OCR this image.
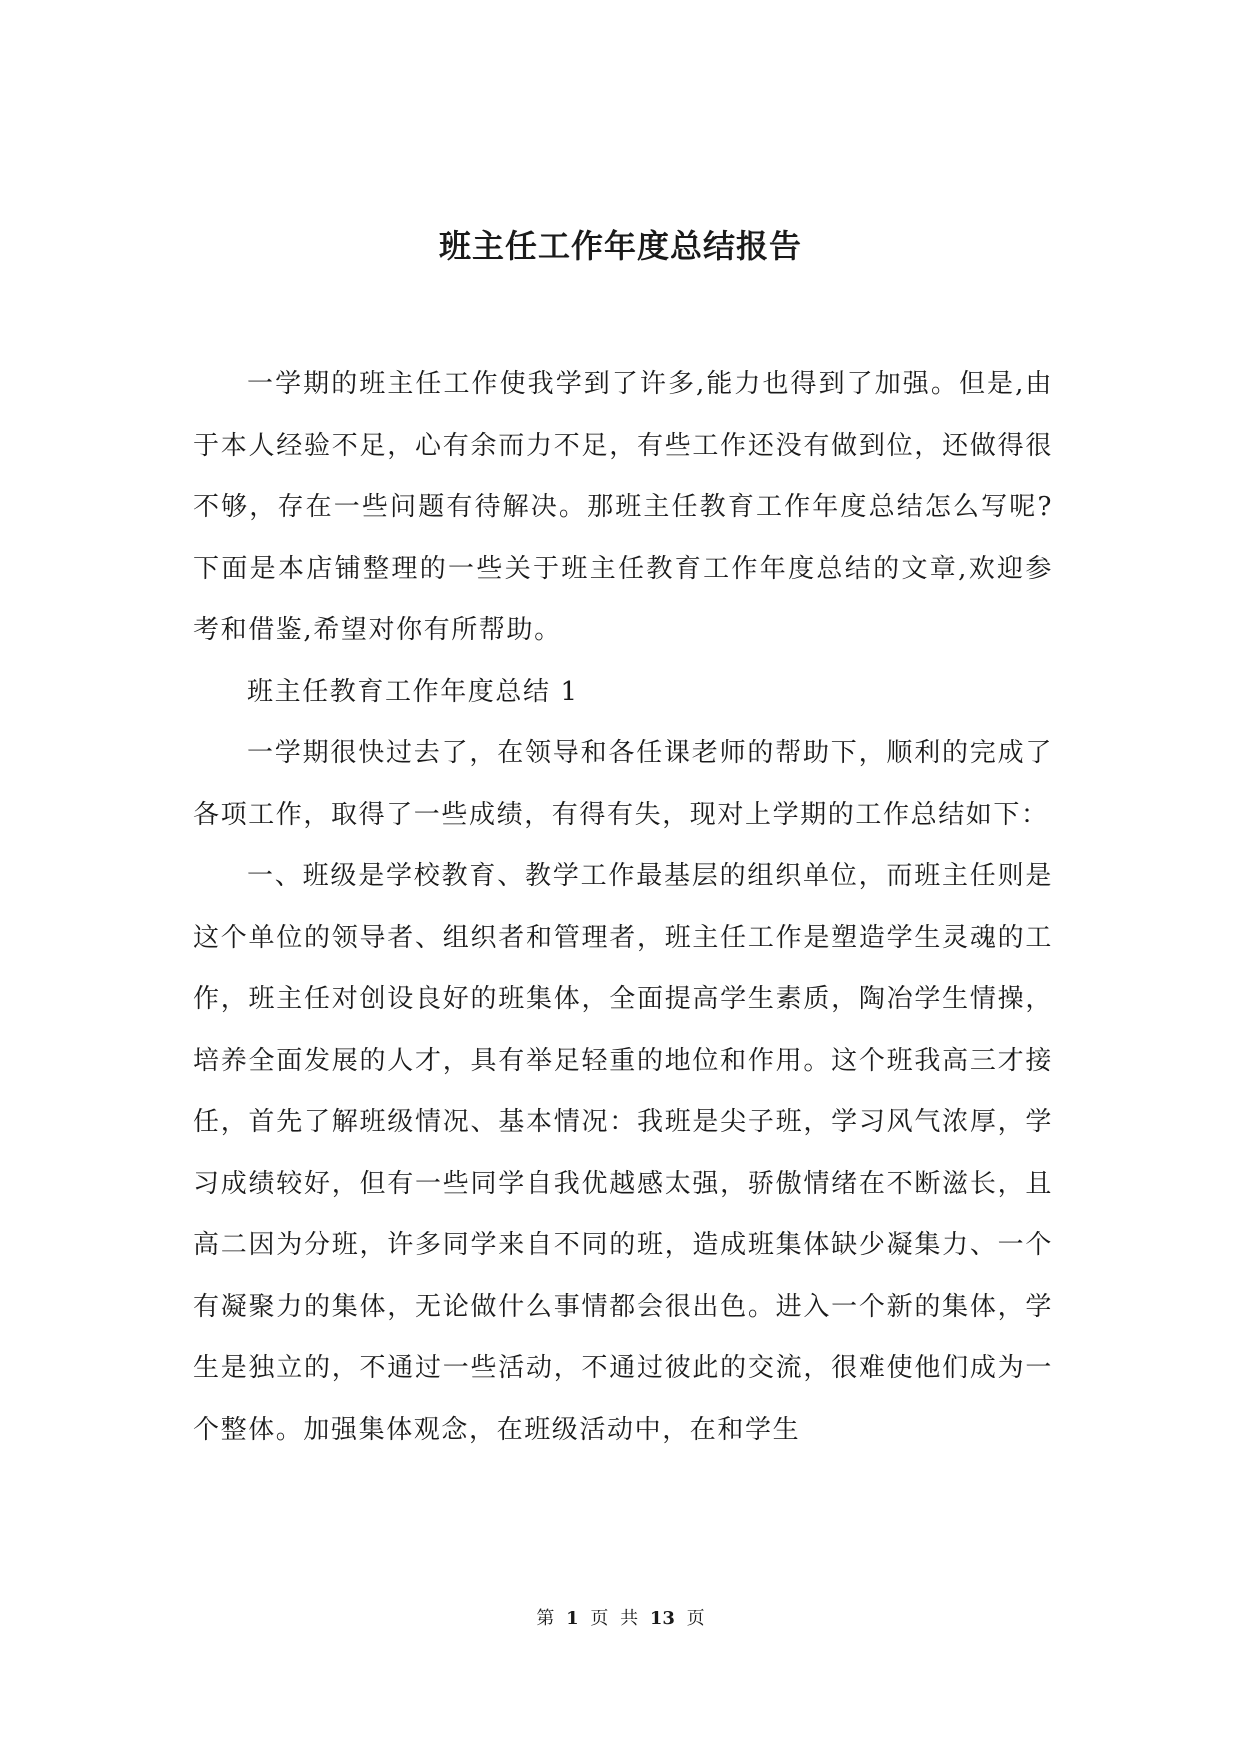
班主任工作年度总结报告

一学期的班主任工作使我学到了许多,能力也得到了加强。但是,由于本人经验不足，心有余而力不足，有些工作还没有做到位，还做得很不够，存在一些问题有待解决。那班主任教育工作年度总结怎么写呢?下面是本店铺整理的一些关于班主任教育工作年度总结的文章,欢迎参考和借鉴,希望对你有所帮助。

班主任教育工作年度总结 1

一学期很快过去了，在领导和各任课老师的帮助下，顺利的完成了各项工作，取得了一些成绩，有得有失，现对上学期的工作总结如下：

一、班级是学校教育、教学工作最基层的组织单位，而班主任则是这个单位的领导者、组织者和管理者，班主任工作是塑造学生灵魂的工作，班主任对创设良好的班集体，全面提高学生素质，陶冶学生情操，培养全面发展的人才，具有举足轻重的地位和作用。这个班我高三才接任，首先了解班级情况、基本情况：我班是尖子班，学习风气浓厚，学习成绩较好，但有一些同学自我优越感太强，骄傲情绪在不断滋长，且高二因为分班，许多同学来自不同的班，造成班集体缺少凝集力、一个有凝聚力的集体，无论做什么事情都会很出色。进入一个新的集体，学生是独立的，不通过一些活动，不通过彼此的交流，很难使他们成为一个整体。加强集体观念，在班级活动中，在和学生

第 1 页 共 13 页
